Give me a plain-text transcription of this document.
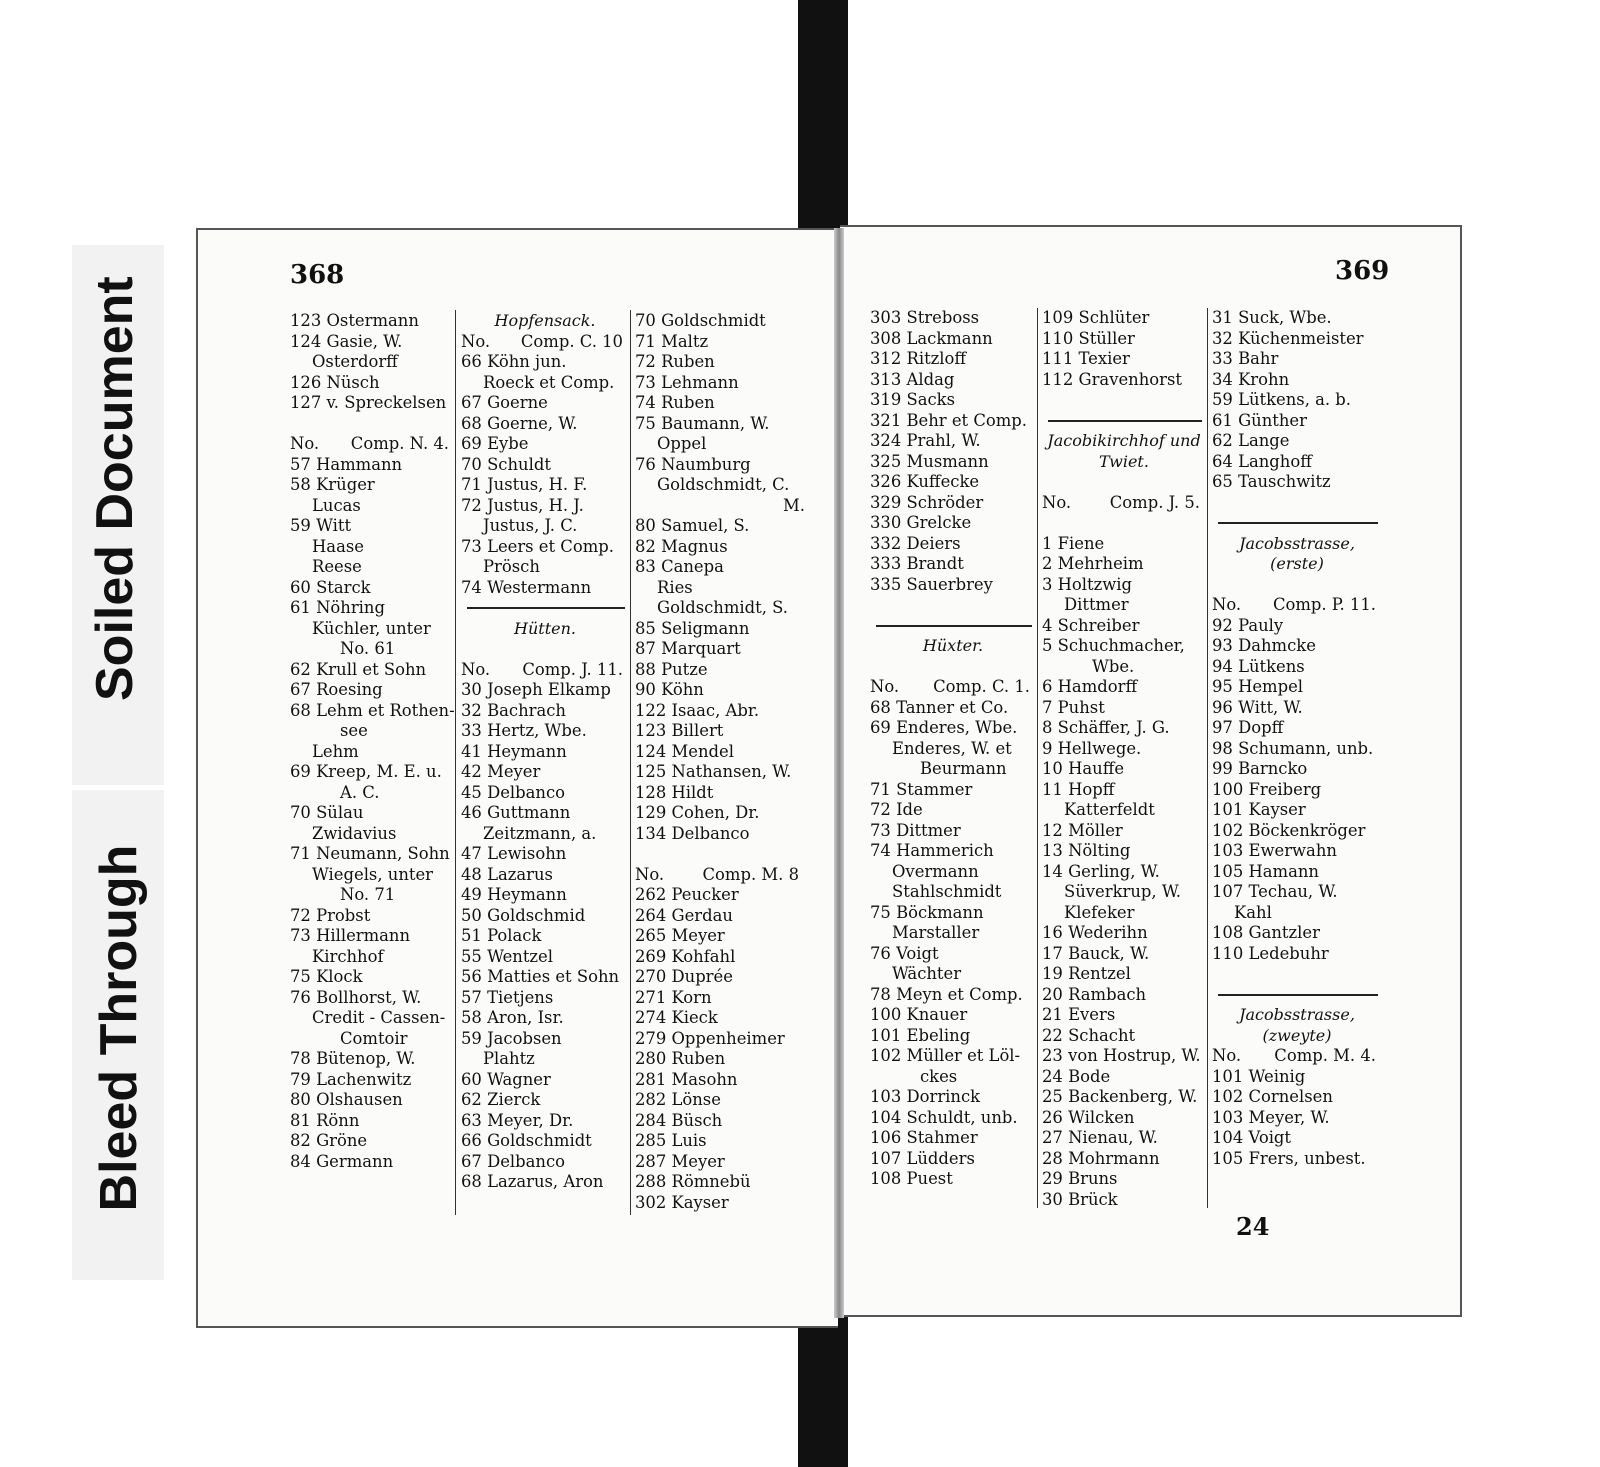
Soiled Document
Bleed Through
368	369
123 Ostermann
124 Gasie, W.
Osterdorff
126 Nüsch
127 v. Spreckelsen
No. Comp. N. 4.
57 Hammann
58 Krüger
Lucas
59 Witt
Haase
Reese
60 Starck
61 Nöhring
Küchler, unter
No. 61
62 Krull et Sohn
67 Roesing
68 Lehm et Rothen-
see
Lehm
69 Kreep, M. E. u.
A. C.
70 Sülau
Zwidavius
71 Neumann, Sohn
Wiegels, unter
No. 71
72 Probst
73 Hillermann
Kirchhof
75 Klock
76 Bollhorst, W.
Credit - Cassen-
Comtoir
78 Bütenop, W.
79 Lachenwitz
80 Olshausen
81 Rönn
82 Gröne
84 Germann
Hopfensack.
No. Comp. C. 10
66 Köhn jun.
Roeck et Comp.
67 Goerne
68 Goerne, W.
69 Eybe
70 Schuldt
71 Justus, H. F.
72 Justus, H. J.
Justus, J. C.
73 Leers et Comp.
Prösch
74 Westermann
Hütten.
No. Comp. J. 11.
30 Joseph Elkamp
32 Bachrach
33 Hertz, Wbe.
41 Heymann
42 Meyer
45 Delbanco
46 Guttmann
Zeitzmann, a.
47 Lewisohn
48 Lazarus
49 Heymann
50 Goldschmid
51 Polack
55 Wentzel
56 Matties et Sohn
57 Tietjens
58 Aron, Isr.
59 Jacobsen
Plahtz
60 Wagner
62 Zierck
63 Meyer, Dr.
66 Goldschmidt
67 Delbanco
68 Lazarus, Aron
70 Goldschmidt
71 Maltz
72 Ruben
73 Lehmann
74 Ruben
75 Baumann, W.
Oppel
76 Naumburg
Goldschmidt, C.
M.
80 Samuel, S.
82 Magnus
83 Canepa
Ries
Goldschmidt, S.
85 Seligmann
87 Marquart
88 Putze
90 Köhn
122 Isaac, Abr.
123 Billert
124 Mendel
125 Nathansen, W.
128 Hildt
129 Cohen, Dr.
134 Delbanco
No. Comp. M. 8
262 Peucker
264 Gerdau
265 Meyer
269 Kohfahl
270 Duprée
271 Korn
274 Kieck
279 Oppenheimer
280 Ruben
281 Masohn
282 Lönse
284 Büsch
285 Luis
287 Meyer
288 Römnebü
302 Kayser
303 Streboss
308 Lackmann
312 Ritzloff
313 Aldag
319 Sacks
321 Behr et Comp.
324 Prahl, W.
325 Musmann
326 Kuffecke
329 Schröder
330 Grelcke
332 Deiers
333 Brandt
335 Sauerbrey
Hüxter.
No. Comp. C. 1.
68 Tanner et Co.
69 Enderes, Wbe.
Enderes, W. et
Beurmann
71 Stammer
72 Ide
73 Dittmer
74 Hammerich
Overmann
Stahlschmidt
75 Böckmann
Marstaller
76 Voigt
Wächter
78 Meyn et Comp.
100 Knauer
101 Ebeling
102 Müller et Löl-
ckes
103 Dorrinck
104 Schuldt, unb.
106 Stahmer
107 Lüdders
108 Puest
109 Schlüter
110 Stüller
111 Texier
112 Gravenhorst
Jacobikirchhof und
Twiet.
No. Comp. J. 5.
1 Fiene
2 Mehrheim
3 Holtzwig
Dittmer
4 Schreiber
5 Schuchmacher,
Wbe.
6 Hamdorff
7 Puhst
8 Schäffer, J. G.
9 Hellwege.
10 Hauffe
11 Hopff
Katterfeldt
12 Möller
13 Nölting
14 Gerling, W.
Süverkrup, W.
Klefeker
16 Wederihn
17 Bauck, W.
19 Rentzel
20 Rambach
21 Evers
22 Schacht
23 von Hostrup, W.
24 Bode
25 Backenberg, W.
26 Wilcken
27 Nienau, W.
28 Mohrmann
29 Bruns
30 Brück
31 Suck, Wbe.
32 Küchenmeister
33 Bahr
34 Krohn
59 Lütkens, a. b.
61 Günther
62 Lange
64 Langhoff
65 Tauschwitz
Jacobsstrasse,
(erste)
No. Comp. P. 11.
92 Pauly
93 Dahmcke
94 Lütkens
95 Hempel
96 Witt, W.
97 Dopff
98 Schumann, unb.
99 Barncko
100 Freiberg
101 Kayser
102 Böckenkröger
103 Ewerwahn
105 Hamann
107 Techau, W.
Kahl
108 Gantzler
110 Ledebuhr
Jacobsstrasse,
(zweyte)
No. Comp. M. 4.
101 Weinig
102 Cornelsen
103 Meyer, W.
104 Voigt
105 Frers, unbest.
24
